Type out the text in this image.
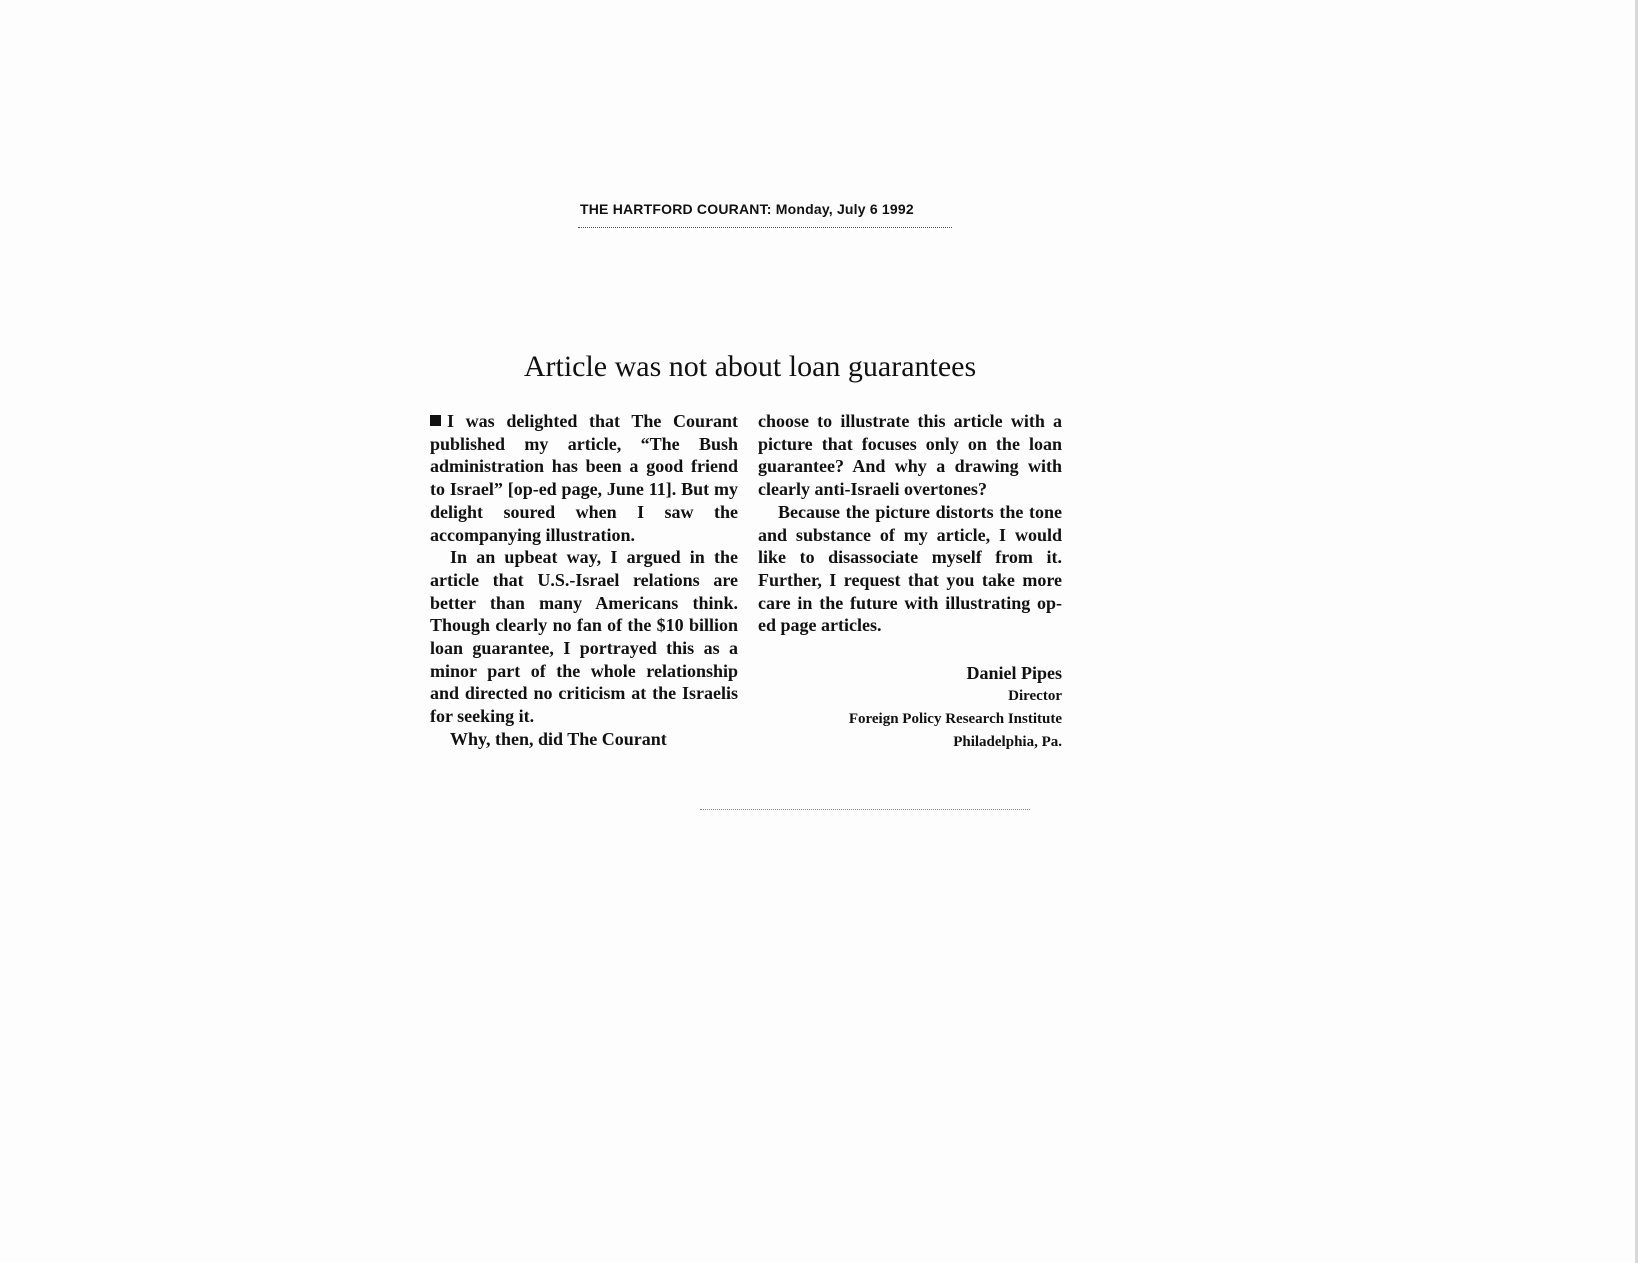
THE HARTFORD COURANT: Monday, July 6 1992
Article was not about loan guarantees

I was delighted that The Courant published my article, “The Bush administration has been a good friend to Israel” [op-ed page, June 11]. But my delight soured when I saw the accompanying illustration.

In an upbeat way, I argued in the article that U.S.-Israel relations are better than many Americans think. Though clearly no fan of the $10 billion loan guarantee, I portrayed this as a minor part of the whole relationship and directed no criticism at the Israelis for seeking it.

Why, then, did The Courant

choose to illustrate this article with a picture that focuses only on the loan guarantee? And why a drawing with clearly anti-Israeli overtones?

Because the picture distorts the tone and substance of my article, I would like to disassociate myself from it. Further, I request that you take more care in the future with illustrating op-ed page articles.

Daniel Pipes
Director
Foreign Policy Research Institute
Philadelphia, Pa.
